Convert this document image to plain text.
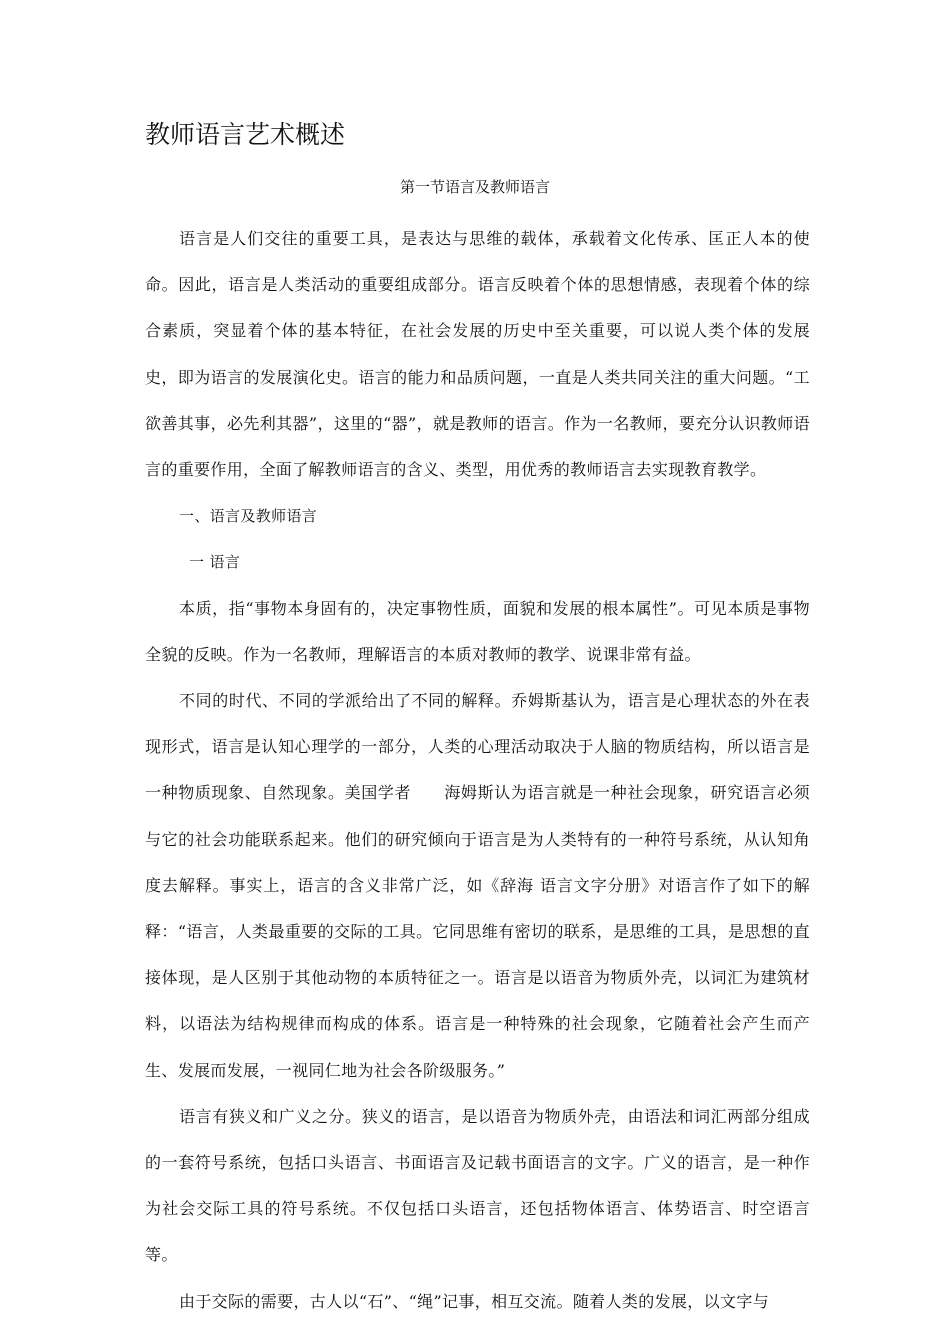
教师语言艺术概述
第一节语言及教师语言

语言是人们交往的重要工具，是表达与思维的载体，承载着文化传承、匡正人本的使命。因此，语言是人类活动的重要组成部分。语言反映着个体的思想情感，表现着个体的综合素质，突显着个体的基本特征，在社会发展的历史中至关重要，可以说人类个体的发展史，即为语言的发展演化史。语言的能力和品质问题，一直是人类共同关注的重大问题。“工欲善其事，必先利其器”，这里的“器”，就是教师的语言。作为一名教师，要充分认识教师语言的重要作用，全面了解教师语言的含义、类型，用优秀的教师语言去实现教育教学。

一、语言及教师语言

一 语言

本质，指“事物本身固有的，决定事物性质，面貌和发展的根本属性”。可见本质是事物全貌的反映。作为一名教师，理解语言的本质对教师的教学、说课非常有益。

不同的时代、不同的学派给出了不同的解释。乔姆斯基认为，语言是心理状态的外在表现形式，语言是认知心理学的一部分，人类的心理活动取决于人脑的物质结构，所以语言是一种物质现象、自然现象。美国学者　　海姆斯认为语言就是一种社会现象，研究语言必须与它的社会功能联系起来。他们的研究倾向于语言是为人类特有的一种符号系统，从认知角度去解释。事实上，语言的含义非常广泛，如《辞海 语言文字分册》对语言作了如下的解释：“语言，人类最重要的交际的工具。它同思维有密切的联系，是思维的工具，是思想的直接体现，是人区别于其他动物的本质特征之一。语言是以语音为物质外壳，以词汇为建筑材料，以语法为结构规律而构成的体系。语言是一种特殊的社会现象，它随着社会产生而产生、发展而发展，一视同仁地为社会各阶级服务。”

语言有狭义和广义之分。狭义的语言，是以语音为物质外壳，由语法和词汇两部分组成的一套符号系统，包括口头语言、书面语言及记载书面语言的文字。广义的语言，是一种作为社会交际工具的符号系统。不仅包括口头语言，还包括物体语言、体势语言、时空语言等。

由于交际的需要，古人以“石”、“绳”记事，相互交流。随着人类的发展，以文字与
